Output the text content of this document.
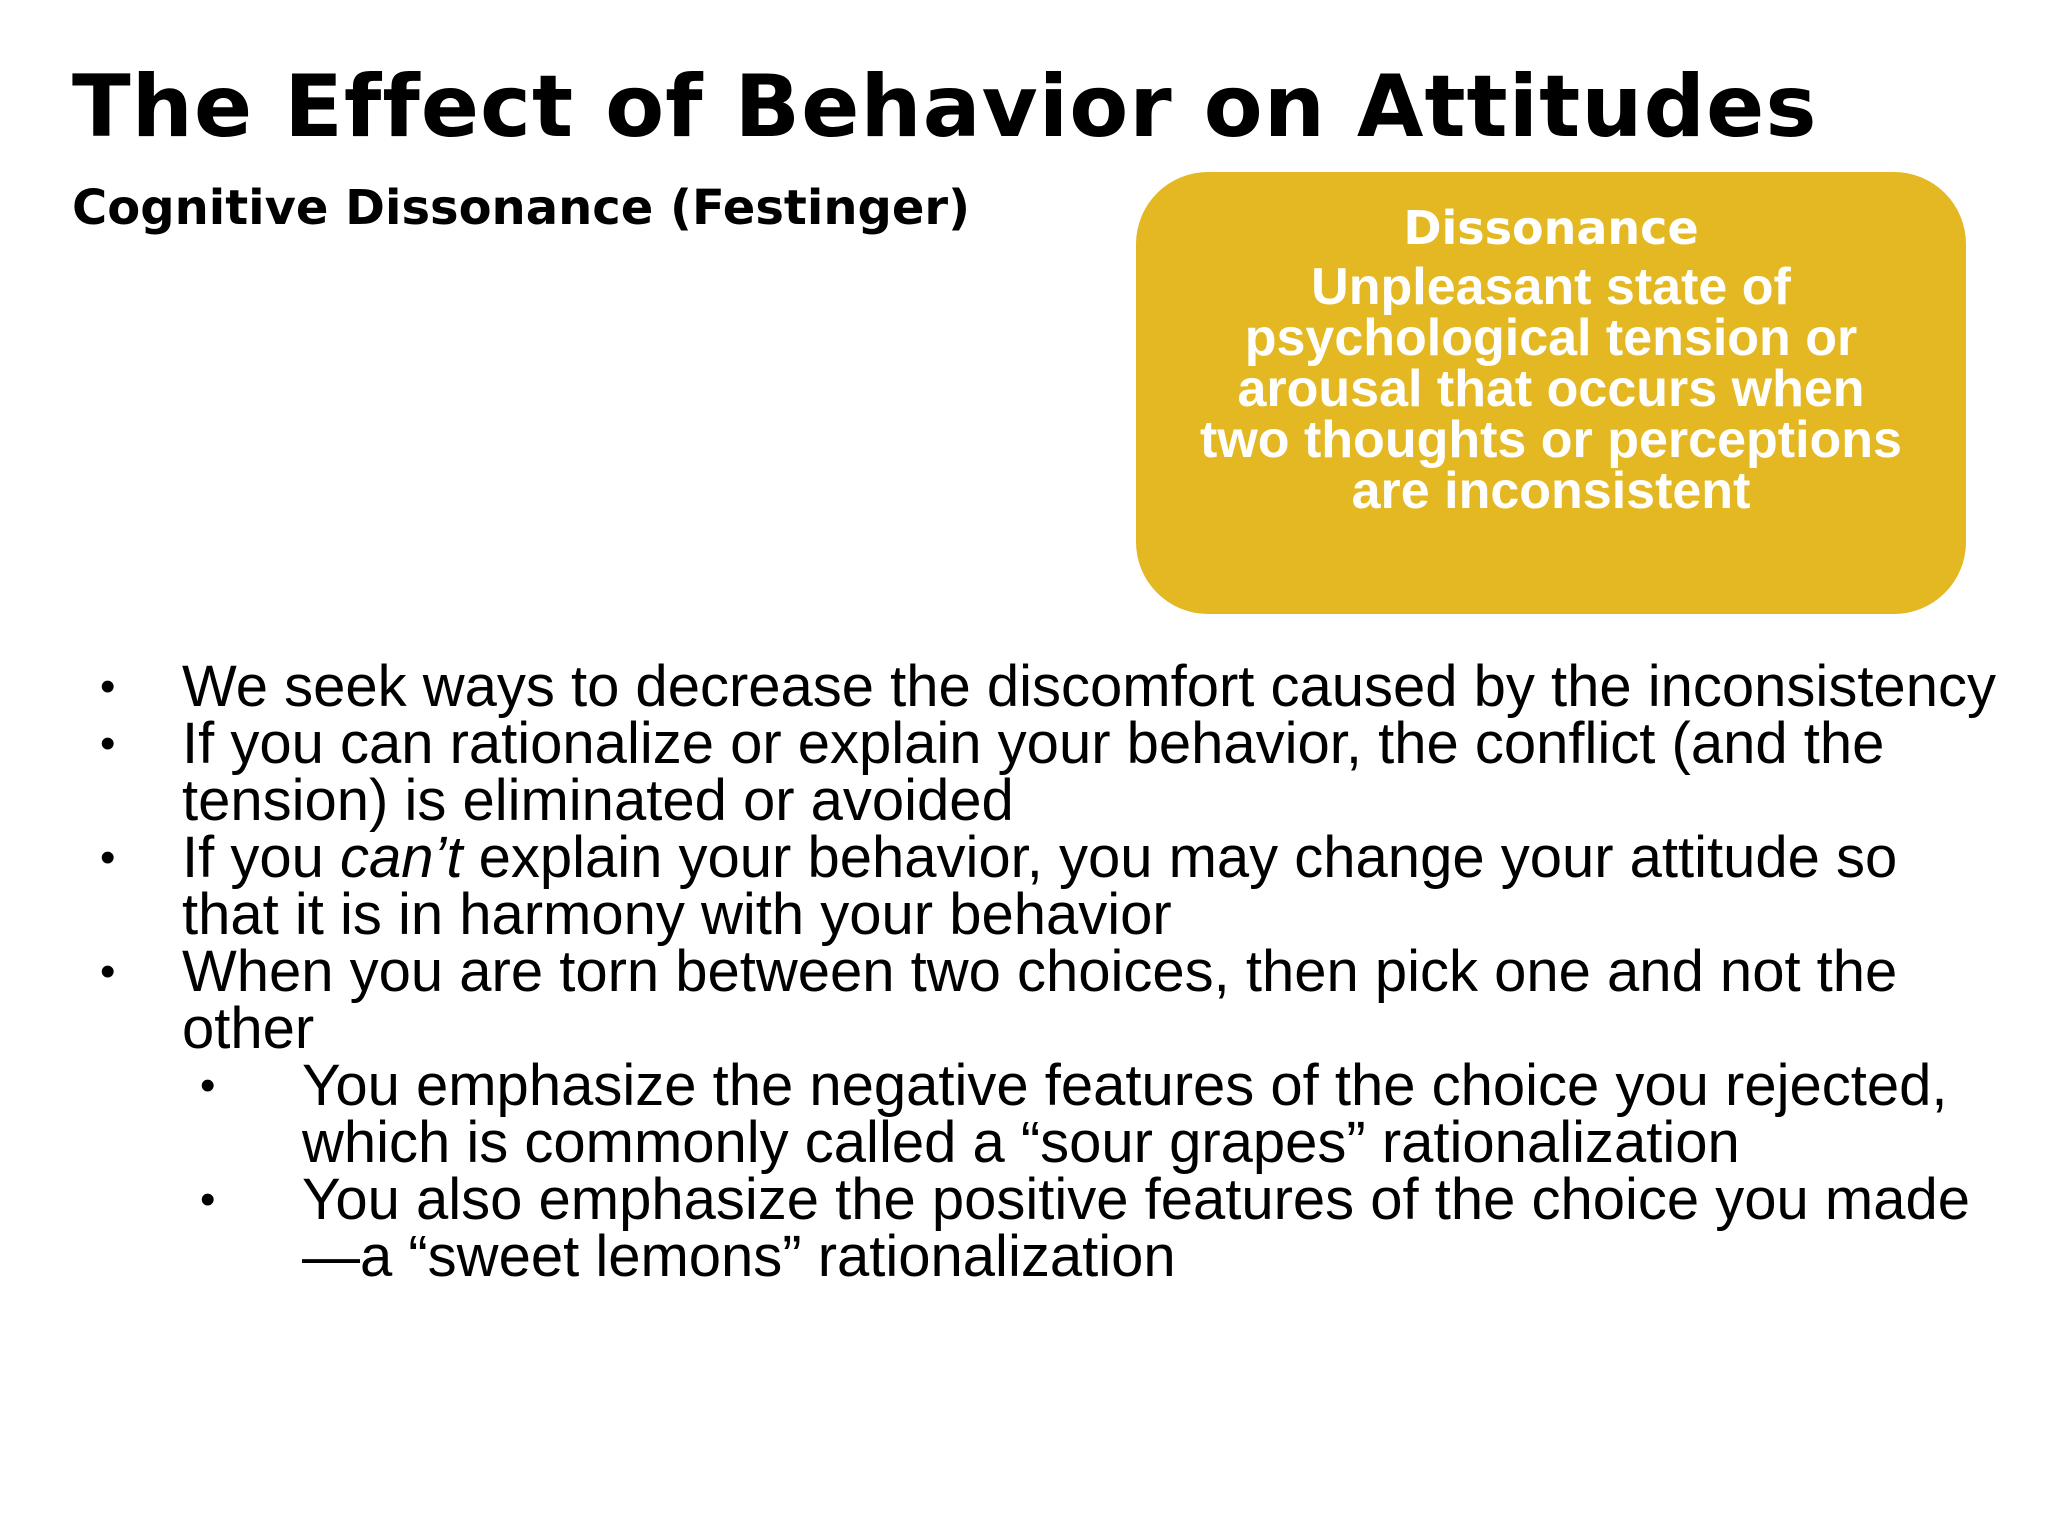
The Effect of Behavior on Attitudes
Cognitive Dissonance (Festinger)	Dissonance
Unpleasant state of psychological tension or arousal that occurs when two thoughts or perceptions are inconsistent
• We seek ways to decrease the discomfort caused by the inconsistency
• If you can rationalize or explain your behavior, the conflict (and the tension) is eliminated or avoided
• If you can’t explain your behavior, you may change your attitude so that it is in harmony with your behavior
• When you are torn between two choices, then pick one and not the other
• You emphasize the negative features of the choice you rejected, which is commonly called a “sour grapes” rationalization
• You also emphasize the positive features of the choice you made—a “sweet lemons” rationalization
